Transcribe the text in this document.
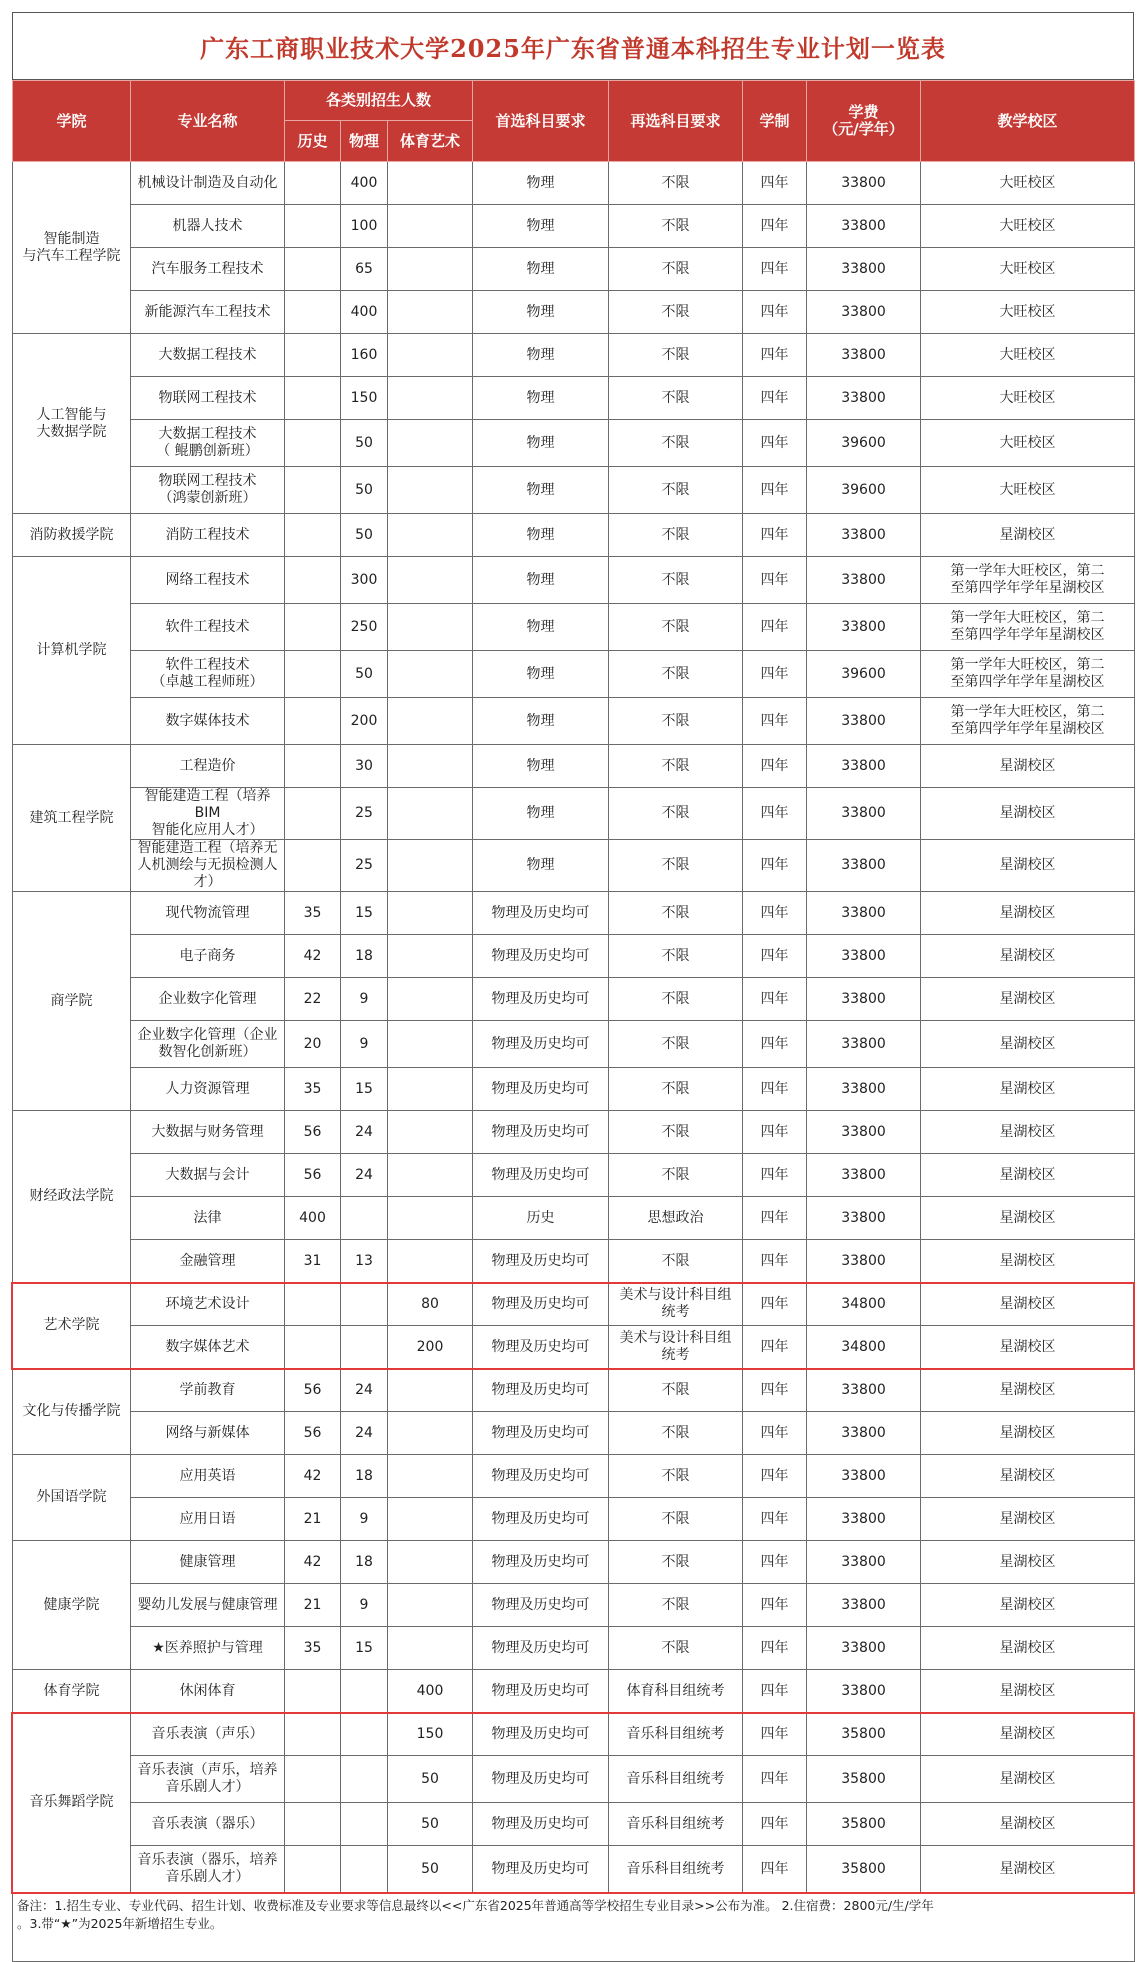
广东工商职业技术大学2025年广东省普通本科招生专业计划一览表
学院	专业名称	各类别招生人数			首选科目要求	再选科目要求	学制	学费
（元/学年）	教学校区
		历史	物理	体育艺术					
智能制造
与汽车工程学院	机械设计制造及自动化		400		物理	不限	四年	33800	大旺校区
	机器人技术		100		物理	不限	四年	33800	大旺校区
	汽车服务工程技术		65		物理	不限	四年	33800	大旺校区
	新能源汽车工程技术		400		物理	不限	四年	33800	大旺校区
人工智能与
大数据学院	大数据工程技术		160		物理	不限	四年	33800	大旺校区
	物联网工程技术		150		物理	不限	四年	33800	大旺校区
	大数据工程技术
（ 鲲鹏创新班）		50		物理	不限	四年	39600	大旺校区
	物联网工程技术
（鸿蒙创新班）		50		物理	不限	四年	39600	大旺校区
消防救援学院	消防工程技术		50		物理	不限	四年	33800	星湖校区
计算机学院	网络工程技术		300		物理	不限	四年	33800	第一学年大旺校区，第二
至第四学年学年星湖校区
	软件工程技术		250		物理	不限	四年	33800	第一学年大旺校区，第二
至第四学年学年星湖校区
	软件工程技术
（卓越工程师班）		50		物理	不限	四年	39600	第一学年大旺校区，第二
至第四学年学年星湖校区
	数字媒体技术		200		物理	不限	四年	33800	第一学年大旺校区，第二
至第四学年学年星湖校区
建筑工程学院	工程造价		30		物理	不限	四年	33800	星湖校区
	智能建造工程（培养BIM
智能化应用人才）		25		物理	不限	四年	33800	星湖校区
	智能建造工程（培养无
人机测绘与无损检测人
才）		25		物理	不限	四年	33800	星湖校区
商学院	现代物流管理	35	15		物理及历史均可	不限	四年	33800	星湖校区
	电子商务	42	18		物理及历史均可	不限	四年	33800	星湖校区
	企业数字化管理	22	9		物理及历史均可	不限	四年	33800	星湖校区
	企业数字化管理（企业
数智化创新班）	20	9		物理及历史均可	不限	四年	33800	星湖校区
	人力资源管理	35	15		物理及历史均可	不限	四年	33800	星湖校区
财经政法学院	大数据与财务管理	56	24		物理及历史均可	不限	四年	33800	星湖校区
	大数据与会计	56	24		物理及历史均可	不限	四年	33800	星湖校区
	法律	400			历史	思想政治	四年	33800	星湖校区
	金融管理	31	13		物理及历史均可	不限	四年	33800	星湖校区
艺术学院	环境艺术设计			80	物理及历史均可	美术与设计科目组
统考	四年	34800	星湖校区
	数字媒体艺术			200	物理及历史均可	美术与设计科目组
统考	四年	34800	星湖校区
文化与传播学院	学前教育	56	24		物理及历史均可	不限	四年	33800	星湖校区
	网络与新媒体	56	24		物理及历史均可	不限	四年	33800	星湖校区
外国语学院	应用英语	42	18		物理及历史均可	不限	四年	33800	星湖校区
	应用日语	21	9		物理及历史均可	不限	四年	33800	星湖校区
健康学院	健康管理	42	18		物理及历史均可	不限	四年	33800	星湖校区
	婴幼儿发展与健康管理	21	9		物理及历史均可	不限	四年	33800	星湖校区
	★医养照护与管理	35	15		物理及历史均可	不限	四年	33800	星湖校区
体育学院	休闲体育			400	物理及历史均可	体育科目组统考	四年	33800	星湖校区
音乐舞蹈学院	音乐表演（声乐）			150	物理及历史均可	音乐科目组统考	四年	35800	星湖校区
	音乐表演（声乐，培养
音乐剧人才）			50	物理及历史均可	音乐科目组统考	四年	35800	星湖校区
	音乐表演（器乐）			50	物理及历史均可	音乐科目组统考	四年	35800	星湖校区
	音乐表演（器乐，培养
音乐剧人才）			50	物理及历史均可	音乐科目组统考	四年	35800	星湖校区
备注：1.招生专业、专业代码、招生计划、收费标准及专业要求等信息最终以<<广东省2025年普通高等学校招生专业目录>>公布为准。 2.住宿费：2800元/生/学年
。3.带“★”为2025年新增招生专业。									
